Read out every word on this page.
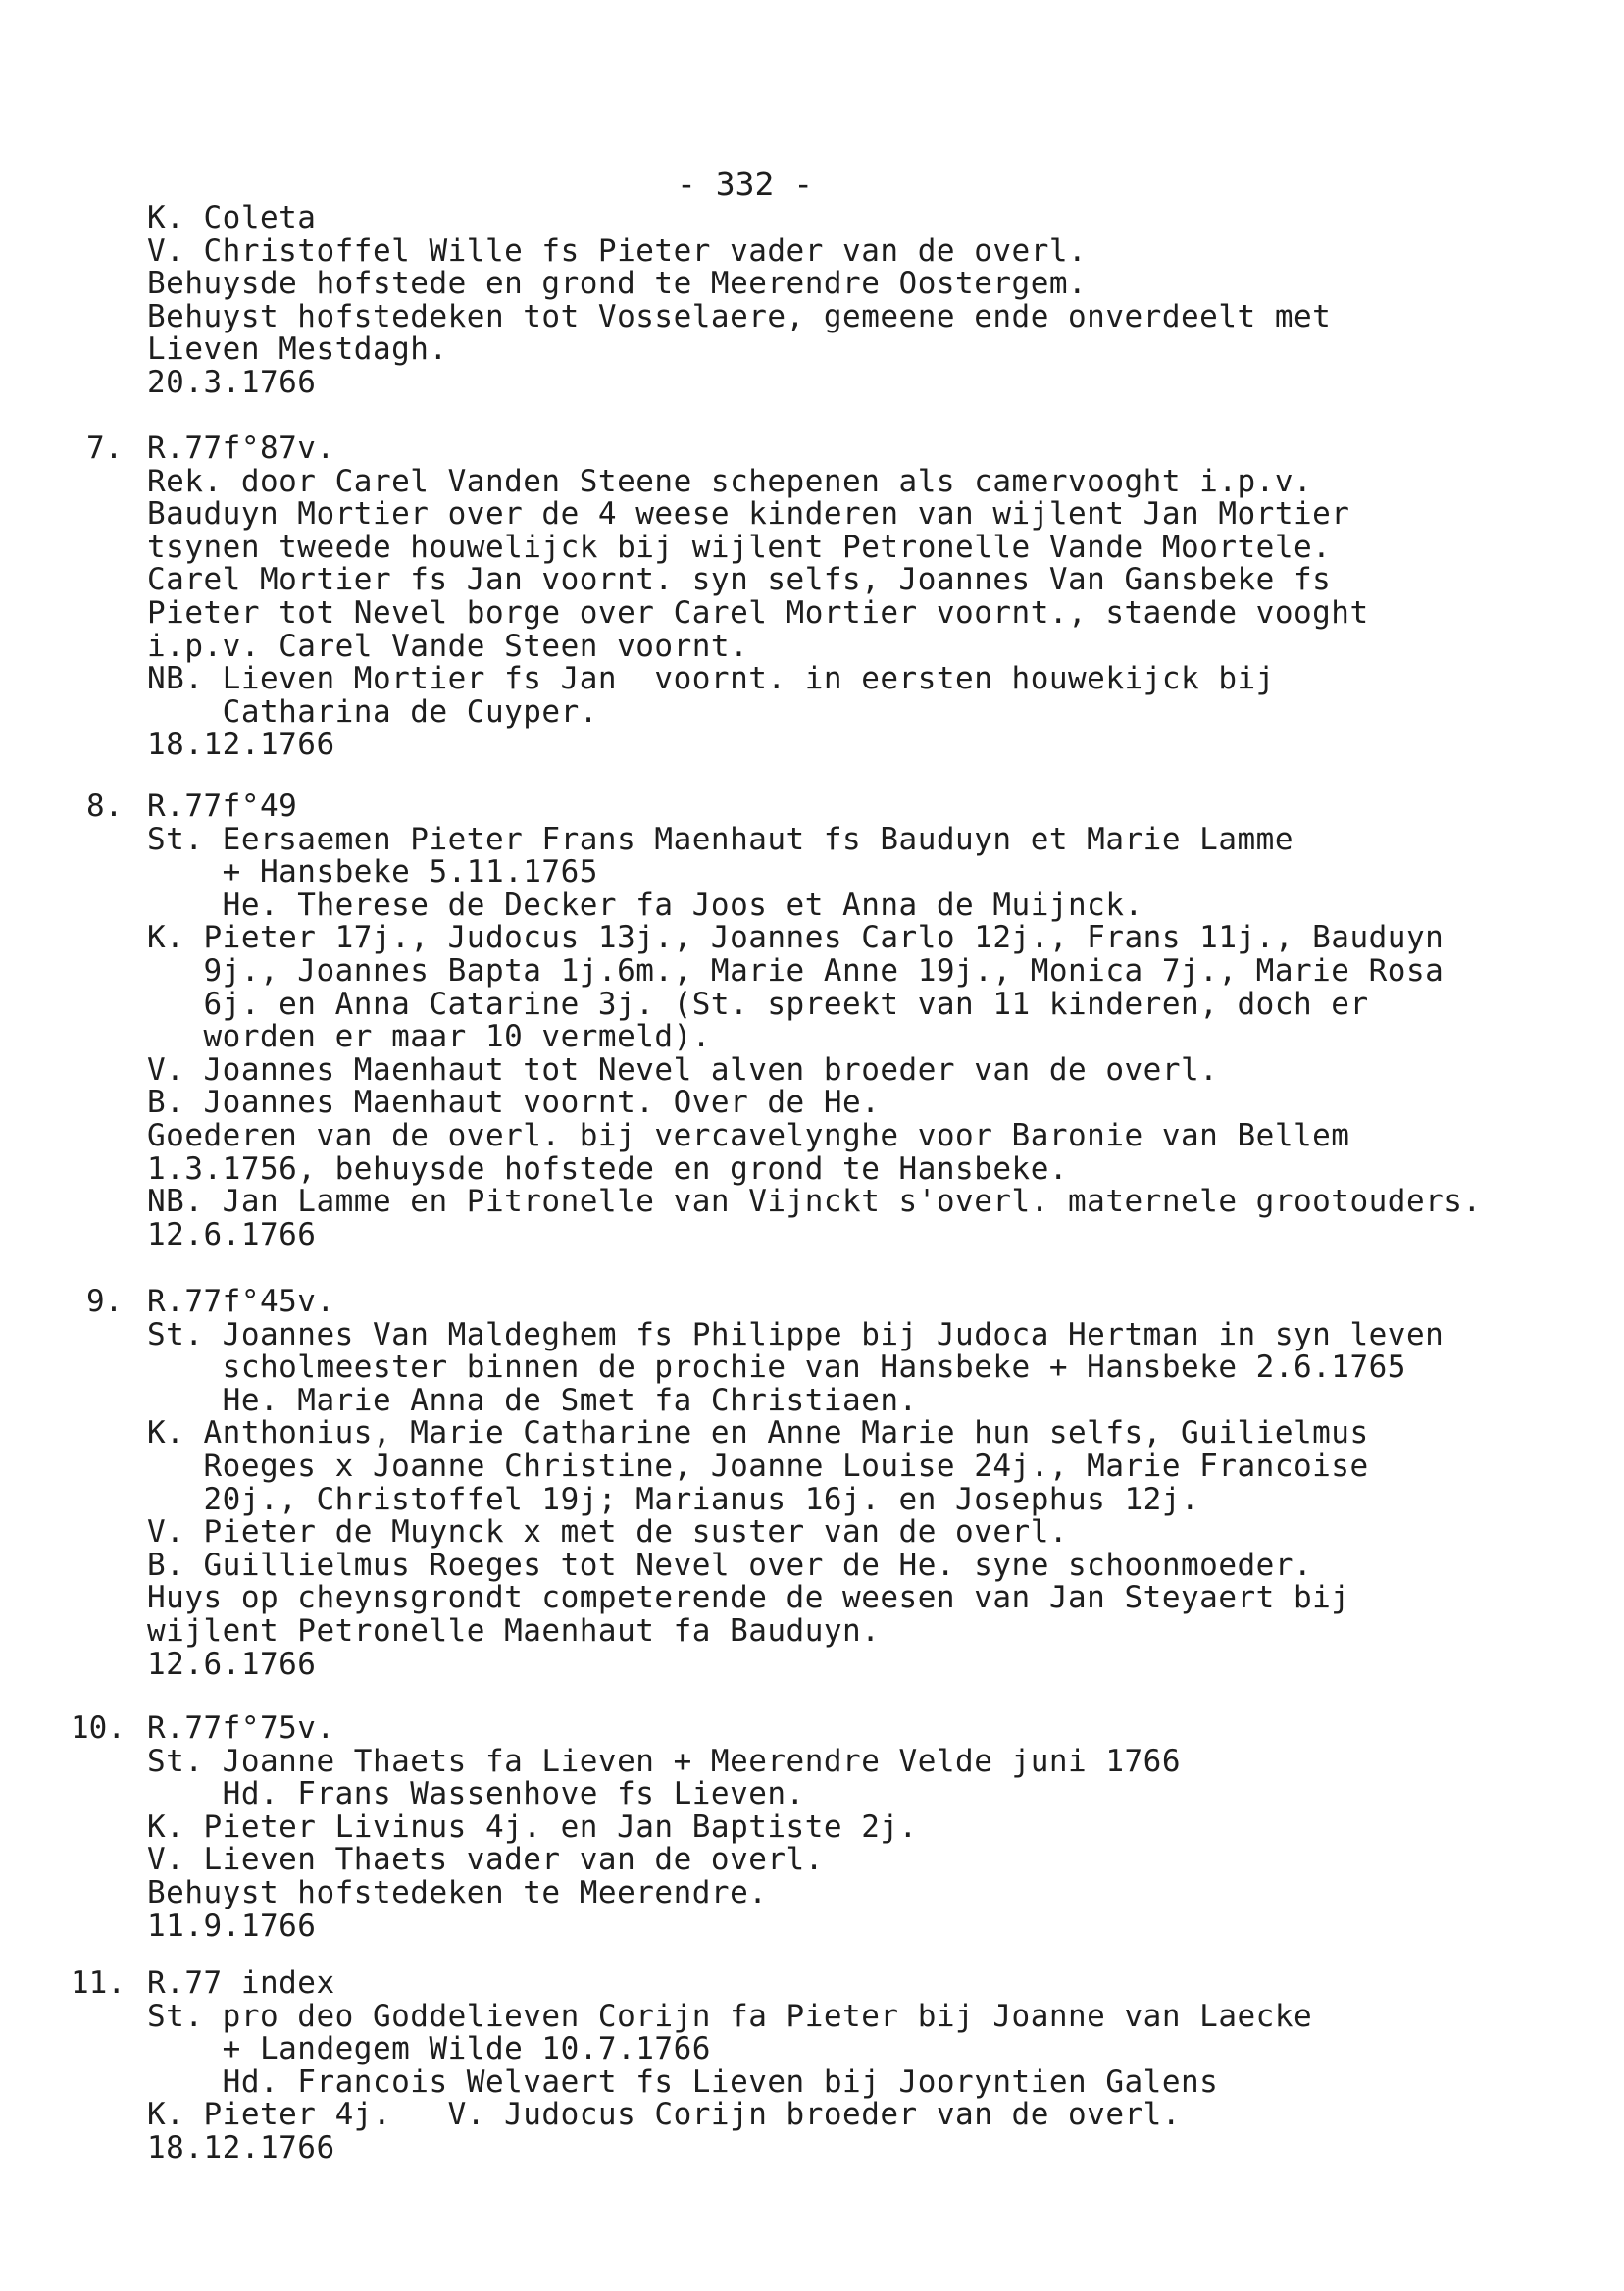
- 332 -
K. Coleta
V. Christoffel Wille fs Pieter vader van de overl.
Behuysde hofstede en grond te Meerendre Oostergem.
Behuyst hofstedeken tot Vosselaere, gemeene ende onverdeelt met
Lieven Mestdagh.
20.3.1766
7. R.77f°87v.
Rek. door Carel Vanden Steene schepenen als camervooght i.p.v.
Bauduyn Mortier over de 4 weese kinderen van wijlent Jan Mortier
tsynen tweede houwelijck bij wijlent Petronelle Vande Moortele.
Carel Mortier fs Jan voornt. syn selfs, Joannes Van Gansbeke fs
Pieter tot Nevel borge over Carel Mortier voornt., staende vooght
i.p.v. Carel Vande Steen voornt.
NB. Lieven Mortier fs Jan  voornt. in eersten houwekijck bij
Catharina de Cuyper.
18.12.1766
8. R.77f°49
St. Eersaemen Pieter Frans Maenhaut fs Bauduyn et Marie Lamme
+ Hansbeke 5.11.1765
He. Therese de Decker fa Joos et Anna de Muijnck.
K. Pieter 17j., Judocus 13j., Joannes Carlo 12j., Frans 11j., Bauduyn
9j., Joannes Bapta 1j.6m., Marie Anne 19j., Monica 7j., Marie Rosa
6j. en Anna Catarine 3j. (St. spreekt van 11 kinderen, doch er
worden er maar 10 vermeld).
V. Joannes Maenhaut tot Nevel alven broeder van de overl.
B. Joannes Maenhaut voornt. Over de He.
Goederen van de overl. bij vercavelynghe voor Baronie van Bellem
1.3.1756, behuysde hofstede en grond te Hansbeke.
NB. Jan Lamme en Pitronelle van Vijnckt s'overl. maternele grootouders.
12.6.1766
9. R.77f°45v.
St. Joannes Van Maldeghem fs Philippe bij Judoca Hertman in syn leven
scholmeester binnen de prochie van Hansbeke + Hansbeke 2.6.1765
He. Marie Anna de Smet fa Christiaen.
K. Anthonius, Marie Catharine en Anne Marie hun selfs, Guilielmus
Roeges x Joanne Christine, Joanne Louise 24j., Marie Francoise
20j., Christoffel 19j; Marianus 16j. en Josephus 12j.
V. Pieter de Muynck x met de suster van de overl.
B. Guillielmus Roeges tot Nevel over de He. syne schoonmoeder.
Huys op cheynsgrondt competerende de weesen van Jan Steyaert bij
wijlent Petronelle Maenhaut fa Bauduyn.
12.6.1766
10. R.77f°75v.
St. Joanne Thaets fa Lieven + Meerendre Velde juni 1766
Hd. Frans Wassenhove fs Lieven.
K. Pieter Livinus 4j. en Jan Baptiste 2j.
V. Lieven Thaets vader van de overl.
Behuyst hofstedeken te Meerendre.
11.9.1766
11. R.77 index
St. pro deo Goddelieven Corijn fa Pieter bij Joanne van Laecke
+ Landegem Wilde 10.7.1766
Hd. Francois Welvaert fs Lieven bij Jooryntien Galens
K. Pieter 4j.   V. Judocus Corijn broeder van de overl.
18.12.1766
